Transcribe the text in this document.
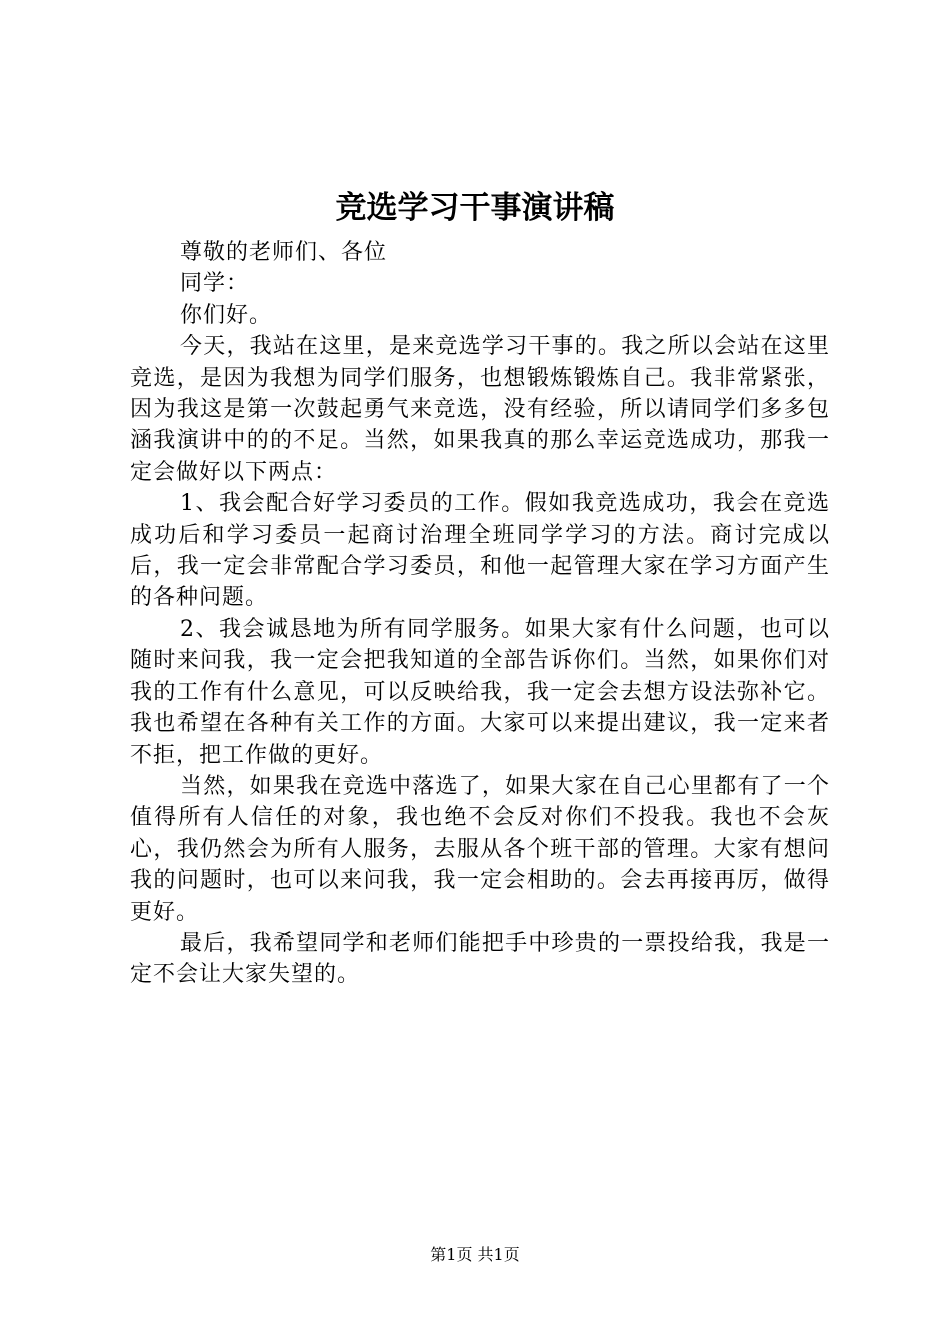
竞选学习干事演讲稿

尊敬的老师们、各位

同学：

你们好。

今天，我站在这里，是来竞选学习干事的。我之所以会站在这里竞选，是因为我想为同学们服务，也想锻炼锻炼自己。我非常紧张，因为我这是第一次鼓起勇气来竞选，没有经验，所以请同学们多多包涵我演讲中的的不足。当然，如果我真的那么幸运竞选成功，那我一定会做好以下两点：

1、我会配合好学习委员的工作。假如我竞选成功，我会在竞选成功后和学习委员一起商讨治理全班同学学习的方法。商讨完成以后，我一定会非常配合学习委员，和他一起管理大家在学习方面产生的各种问题。

2、我会诚恳地为所有同学服务。如果大家有什么问题，也可以随时来问我，我一定会把我知道的全部告诉你们。当然，如果你们对我的工作有什么意见，可以反映给我，我一定会去想方设法弥补它。我也希望在各种有关工作的方面。大家可以来提出建议，我一定来者不拒，把工作做的更好。

当然，如果我在竞选中落选了，如果大家在自己心里都有了一个值得所有人信任的对象，我也绝不会反对你们不投我。我也不会灰心，我仍然会为所有人服务，去服从各个班干部的管理。大家有想问我的问题时，也可以来问我，我一定会相助的。会去再接再厉，做得更好。

最后，我希望同学和老师们能把手中珍贵的一票投给我，我是一定不会让大家失望的。

第1页 共1页
